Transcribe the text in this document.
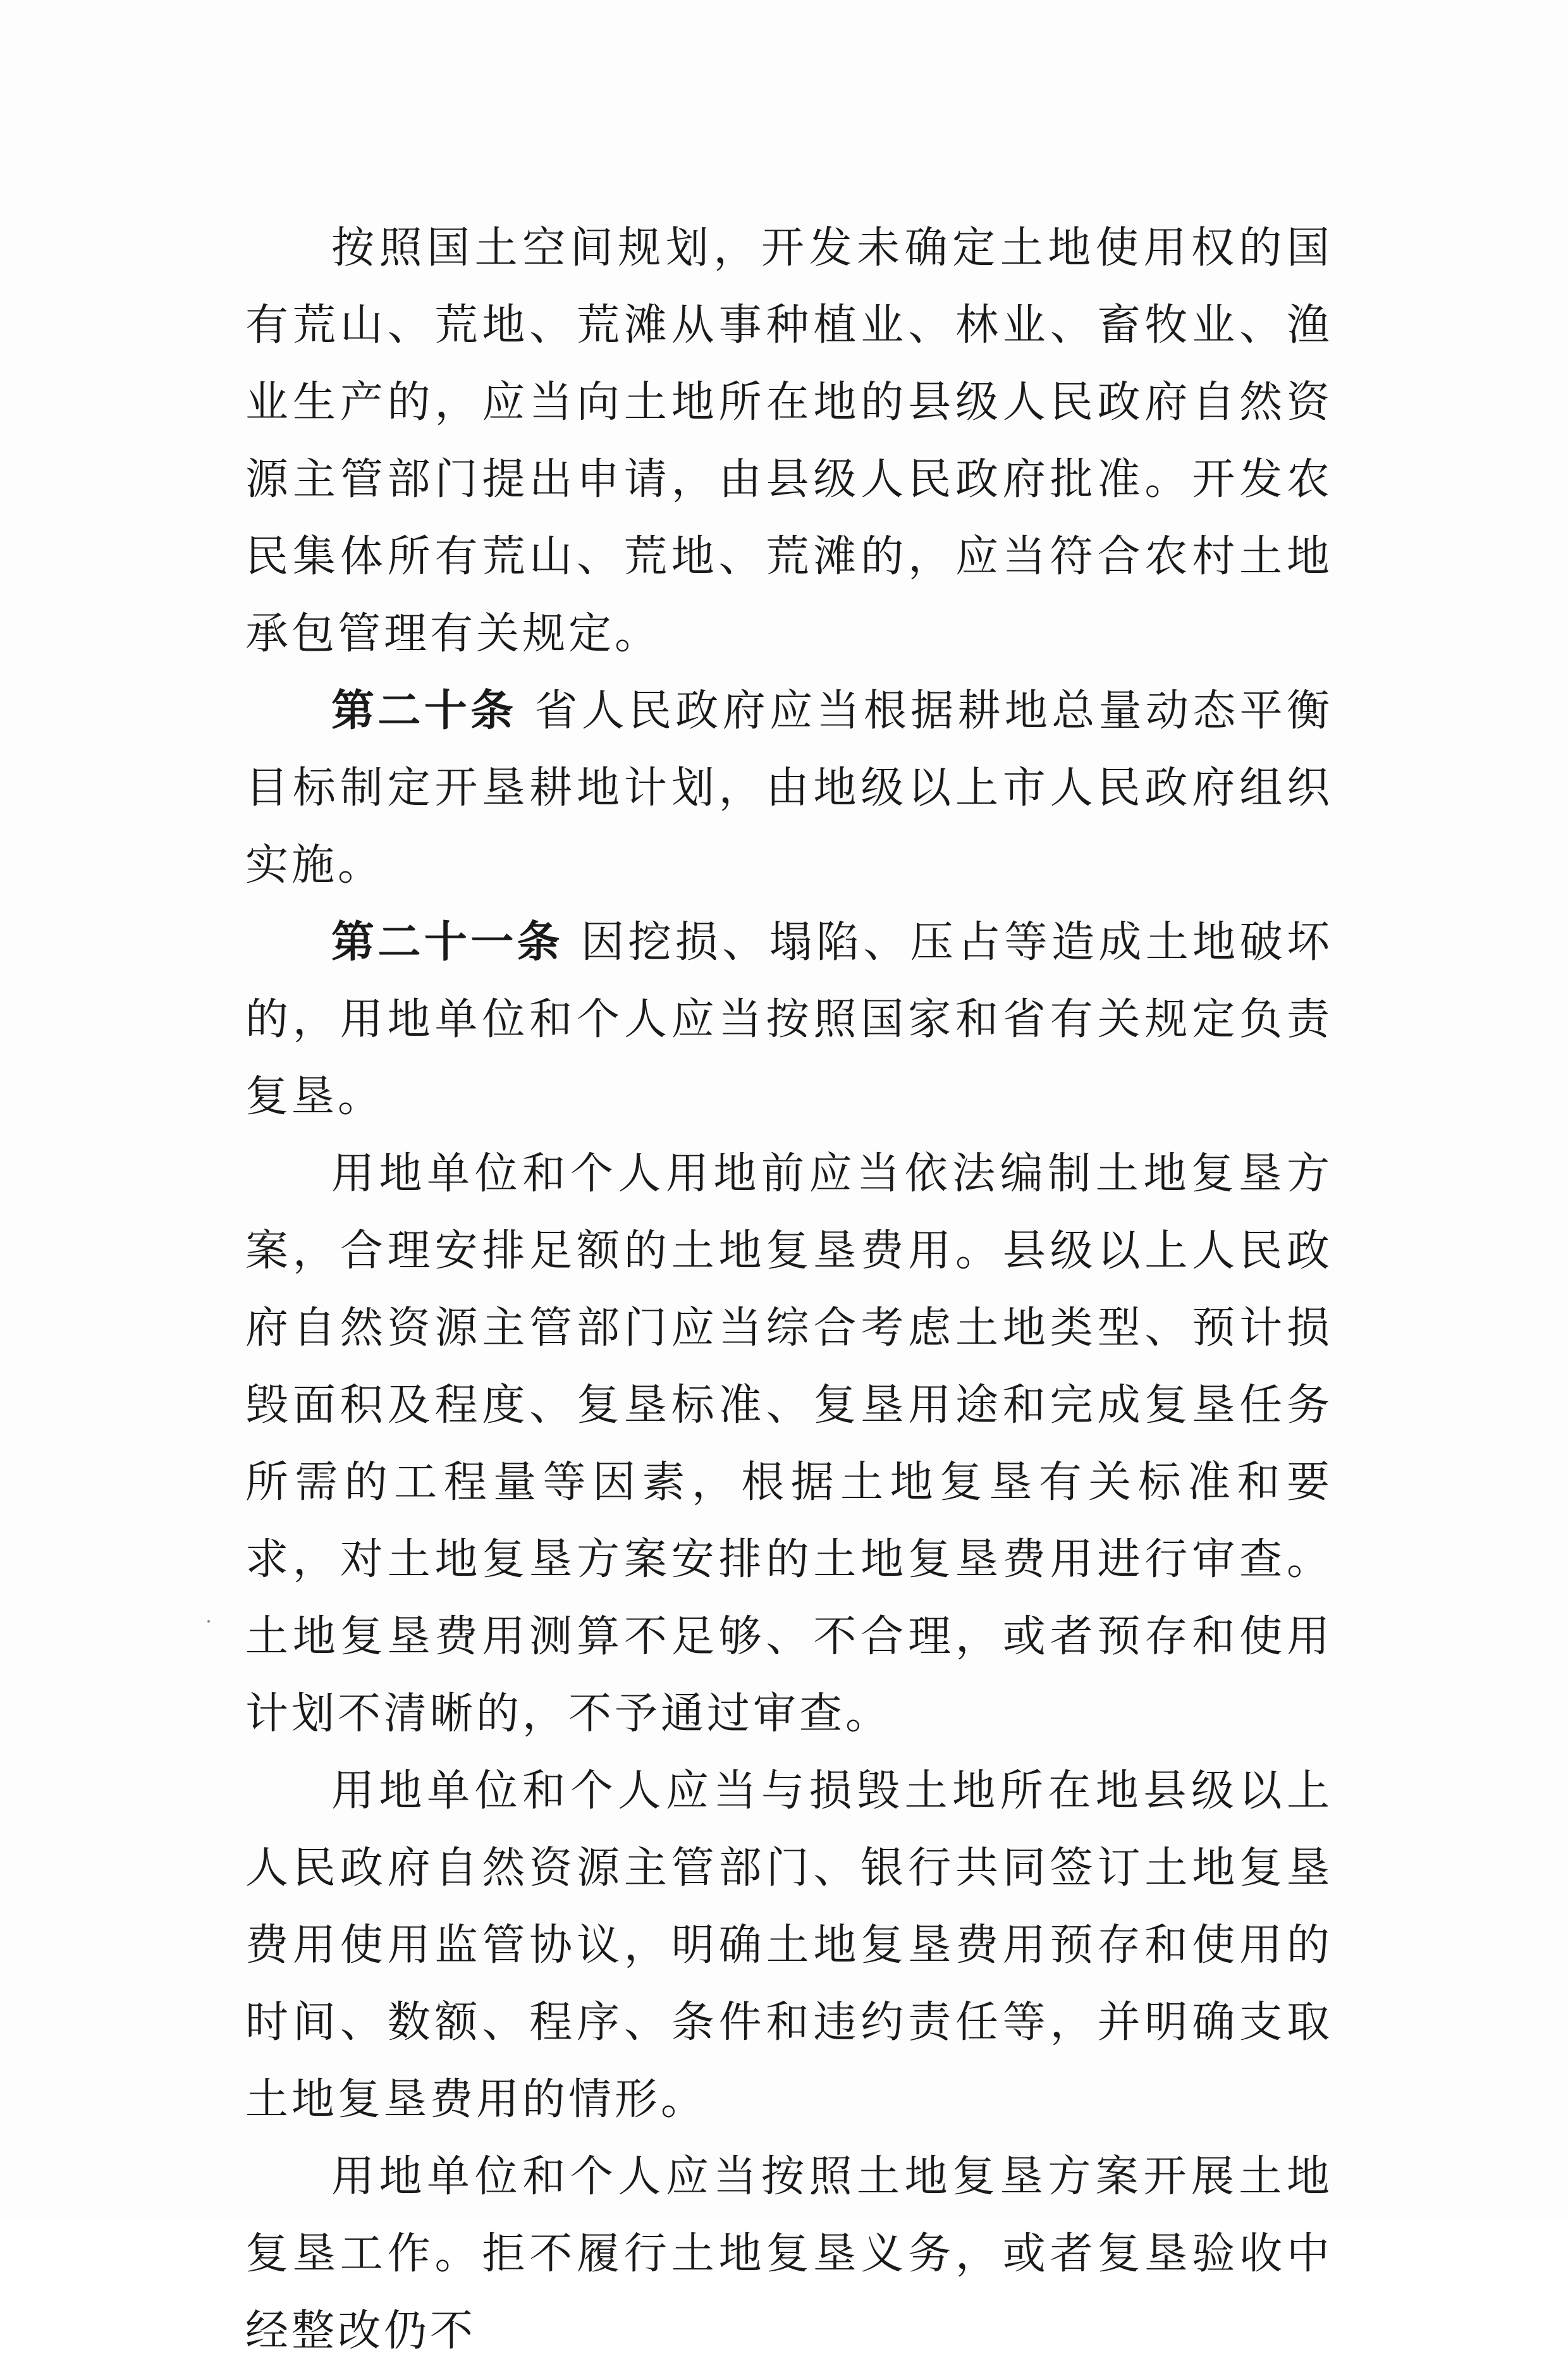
按照国土空间规划，开发未确定土地使用权的国有荒山、荒地、荒滩从事种植业、林业、畜牧业、渔业生产的，应当向土地所在地的县级人民政府自然资源主管部门提出申请，由县级人民政府批准。开发农民集体所有荒山、荒地、荒滩的，应当符合农村土地承包管理有关规定。

第二十条 省人民政府应当根据耕地总量动态平衡目标制定开垦耕地计划，由地级以上市人民政府组织实施。

第二十一条 因挖损、塌陷、压占等造成土地破坏的，用地单位和个人应当按照国家和省有关规定负责复垦。

用地单位和个人用地前应当依法编制土地复垦方案，合理安排足额的土地复垦费用。县级以上人民政府自然资源主管部门应当综合考虑土地类型、预计损毁面积及程度、复垦标准、复垦用途和完成复垦任务所需的工程量等因素，根据土地复垦有关标准和要求，对土地复垦方案安排的土地复垦费用进行审查。土地复垦费用测算不足够、不合理，或者预存和使用计划不清晰的，不予通过审查。

用地单位和个人应当与损毁土地所在地县级以上人民政府自然资源主管部门、银行共同签订土地复垦费用使用监管协议，明确土地复垦费用预存和使用的时间、数额、程序、条件和违约责任等，并明确支取土地复垦费用的情形。

用地单位和个人应当按照土地复垦方案开展土地复垦工作。拒不履行土地复垦义务，或者复垦验收中经整改仍不
